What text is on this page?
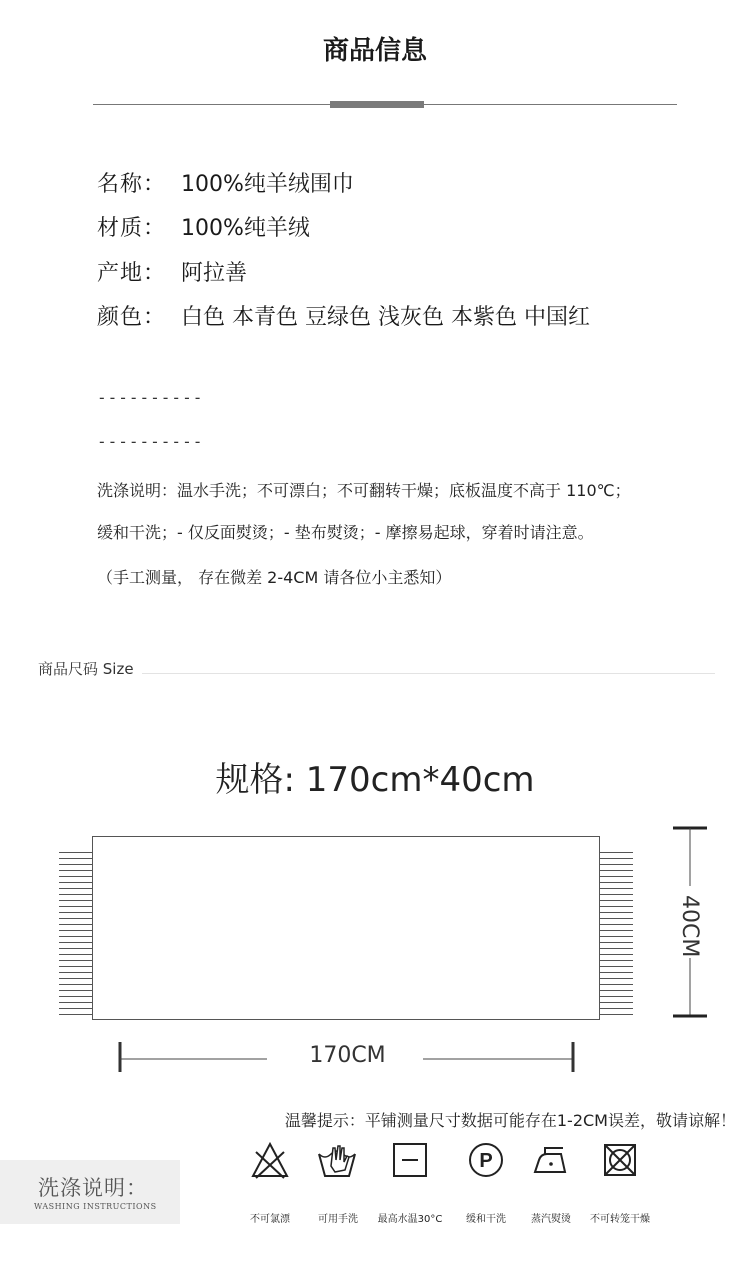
商品信息
名称： 100%纯羊绒围巾
材质： 100%纯羊绒
产地： 阿拉善
颜色： 白色 本青色 豆绿色 浅灰色 本紫色 中国红
----------
----------
洗涤说明：温水手洗；不可漂白；不可翻转干燥；底板温度不高于 110℃；
缓和干洗；- 仅反面熨烫；- 垫布熨烫；- 摩擦易起球，穿着时请注意。
（手工测量， 存在微差 2-4CM 请各位小主悉知）
商品尺码 Size
规格: 170cm*40cm
170CM
40CM
温馨提示：平铺测量尺寸数据可能存在1-2CM误差，敬请谅解！
洗涤说明：
WASHING INSTRUCTIONS
不可氯漂	可用手洗	最高水温30°C
P
缓和干洗	蒸汽熨烫	不可转笼干燥
